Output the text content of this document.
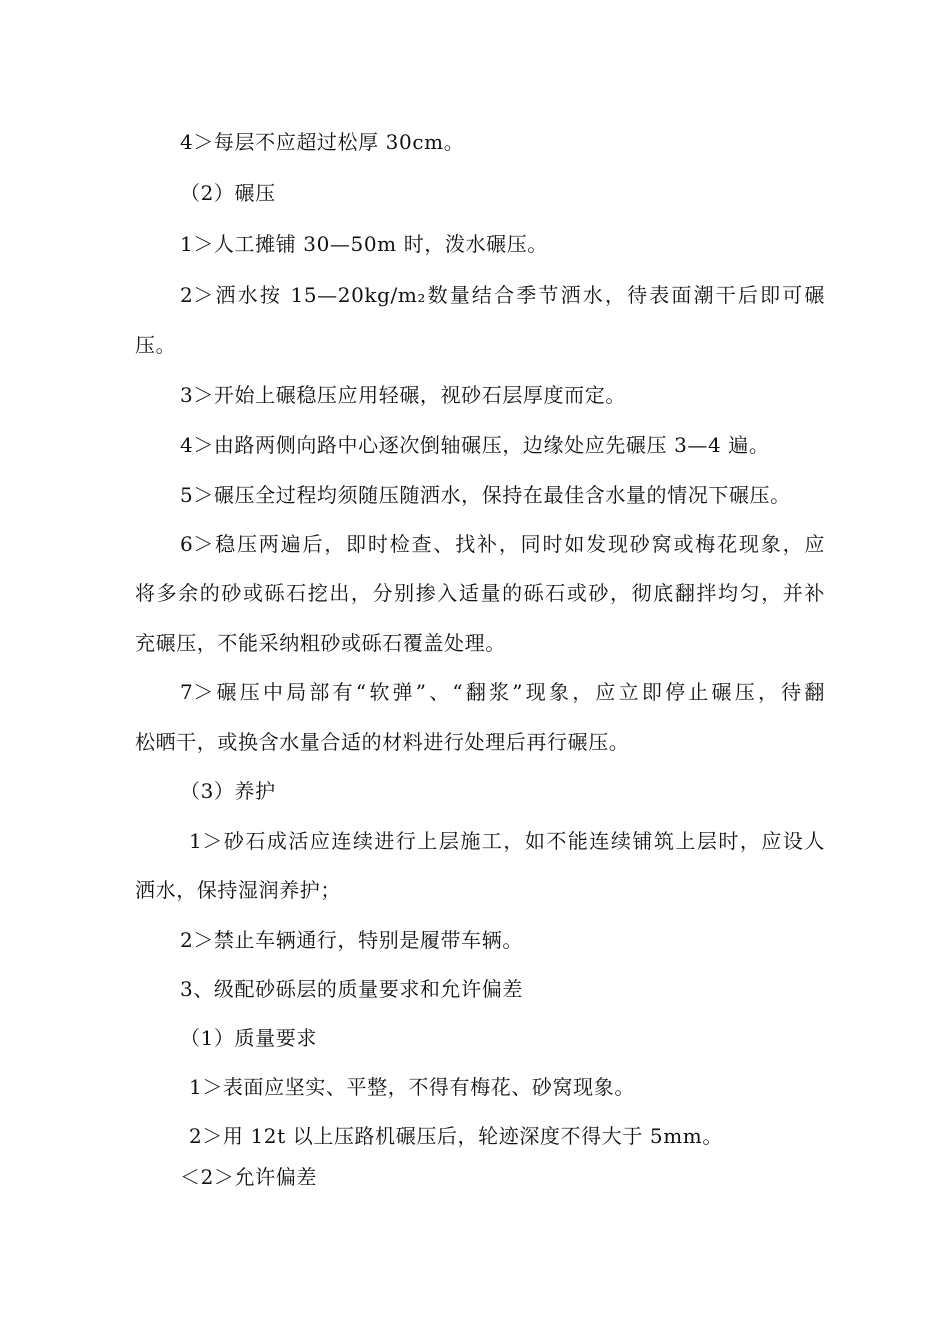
4＞每层不应超过松厚 30cm。
（2）碾压
1＞人工摊铺 30—50m 时，泼水碾压。
2＞洒水按 15—20kg/m₂数量结合季节洒水，待表面潮干后即可碾
压。
3＞开始上碾稳压应用轻碾，视砂石层厚度而定。
4＞由路两侧向路中心逐次倒轴碾压，边缘处应先碾压 3—4 遍。
5＞碾压全过程均须随压随洒水，保持在最佳含水量的情况下碾压。
6＞稳压两遍后，即时检查、找补，同时如发现砂窝或梅花现象，应
将多余的砂或砾石挖出，分别掺入适量的砾石或砂，彻底翻拌均匀，并补
充碾压，不能采纳粗砂或砾石覆盖处理。
7＞碾压中局部有“软弹”、“翻浆”现象，应立即停止碾压，待翻
松晒干，或换含水量合适的材料进行处理后再行碾压。
（3）养护
1＞砂石成活应连续进行上层施工，如不能连续铺筑上层时，应设人
洒水，保持湿润养护；
2＞禁止车辆通行，特别是履带车辆。
3、级配砂砾层的质量要求和允许偏差
（1）质量要求
1＞表面应坚实、平整，不得有梅花、砂窝现象。
2＞用 12t 以上压路机碾压后，轮迹深度不得大于 5mm。
＜2＞允许偏差
